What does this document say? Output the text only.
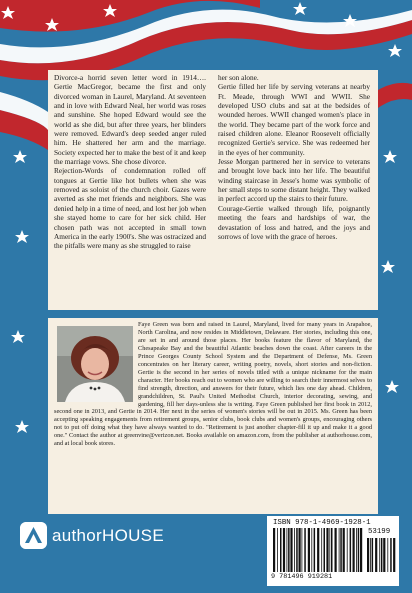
Divorce-a horrid seven letter word in 1914…. Gertie MacGregor, became the first and only divorced woman in Laurel, Maryland. At seventeen and in love with Edward Neal, her world was roses and sunshine. She hoped Edward would see the world as she did, but after three years, her blinders were removed. Edward's deep seeded anger ruled him. He shattered her arm and the marriage. Society expected her to make the best of it and keep the marriage vows. She chose divorce.

Rejection-Words of condemnation rolled off tongues at Gertie like hot bullets when she was removed as soloist of the church choir. Gazes were averted as she met friends and neighbors. She was denied help in a time of need, and lost her job when she stayed home to care for her sick child. Her chosen path was not accepted in small town America in the early 1900's. She was ostracized and the pitfalls were many as she struggled to raise

her son alone.

Gertie filled her life by serving veterans at nearby Ft. Meade, through WWI and WWII. She developed USO clubs and sat at the bedsides of wounded heroes. WWII changed women's place in the world. They became part of the work force and raised children alone. Eleanor Roosevelt officially recognized Gertie's service. She was redeemed her in the eyes of her community.

Jesse Morgan partnered her in service to veterans and brought love back into her life. The beautiful winding staircase in Jesse's home was symbolic of her small steps to some distant height. They walked in perfect accord up the stairs to their future.

Courage-Gertie walked through life, poignantly meeting the fears and hardships of war, the devastation of loss and hatred, and the joys and sorrows of love with the grace of heroes.

Faye Green was born and raised in Laurel, Maryland, lived for many years in Arapahoe, North Carolina, and now resides in Middletown, Delaware. Her stories, including this one, are set in and around those places. Her books feature the flavor of Maryland, the Chesapeake Bay and the beautiful Atlantic beaches down the coast. After careers in the Prince Georges County School System and the Department of Defense, Ms. Green concentrates on her literary career, writing poetry, novels, short stories and non-fiction. Gertie is the second in her series of novels titled with a unique nickname for the main character. Her books reach out to women who are willing to search their innermost selves to find strength, direction, and answers for their future, which lies one day ahead. Children, grandchildren, St. Paul's United Methodist Church, interior decorating, sewing, and gardening, fill her days-unless she is writing. Faye Green published her first book in 2012, second one in 2013, and Gertie in 2014. Her next in the series of women's stories will be out in 2015. Ms. Green has been accepting speaking engagements from retirement groups, senior clubs, book clubs and women's groups, encouraging others not to put off doing what they have always wanted to do. "Retirement is just another chapter-fill it up and make it a good one." Contact the author at greenvine@verizon.net. Books available on amazon.com, from the publisher at authorhouse.com, and at local book stores.

authorHOUSE
ISBN 978-1-4969-1928-1
53199
9 781496 919281
